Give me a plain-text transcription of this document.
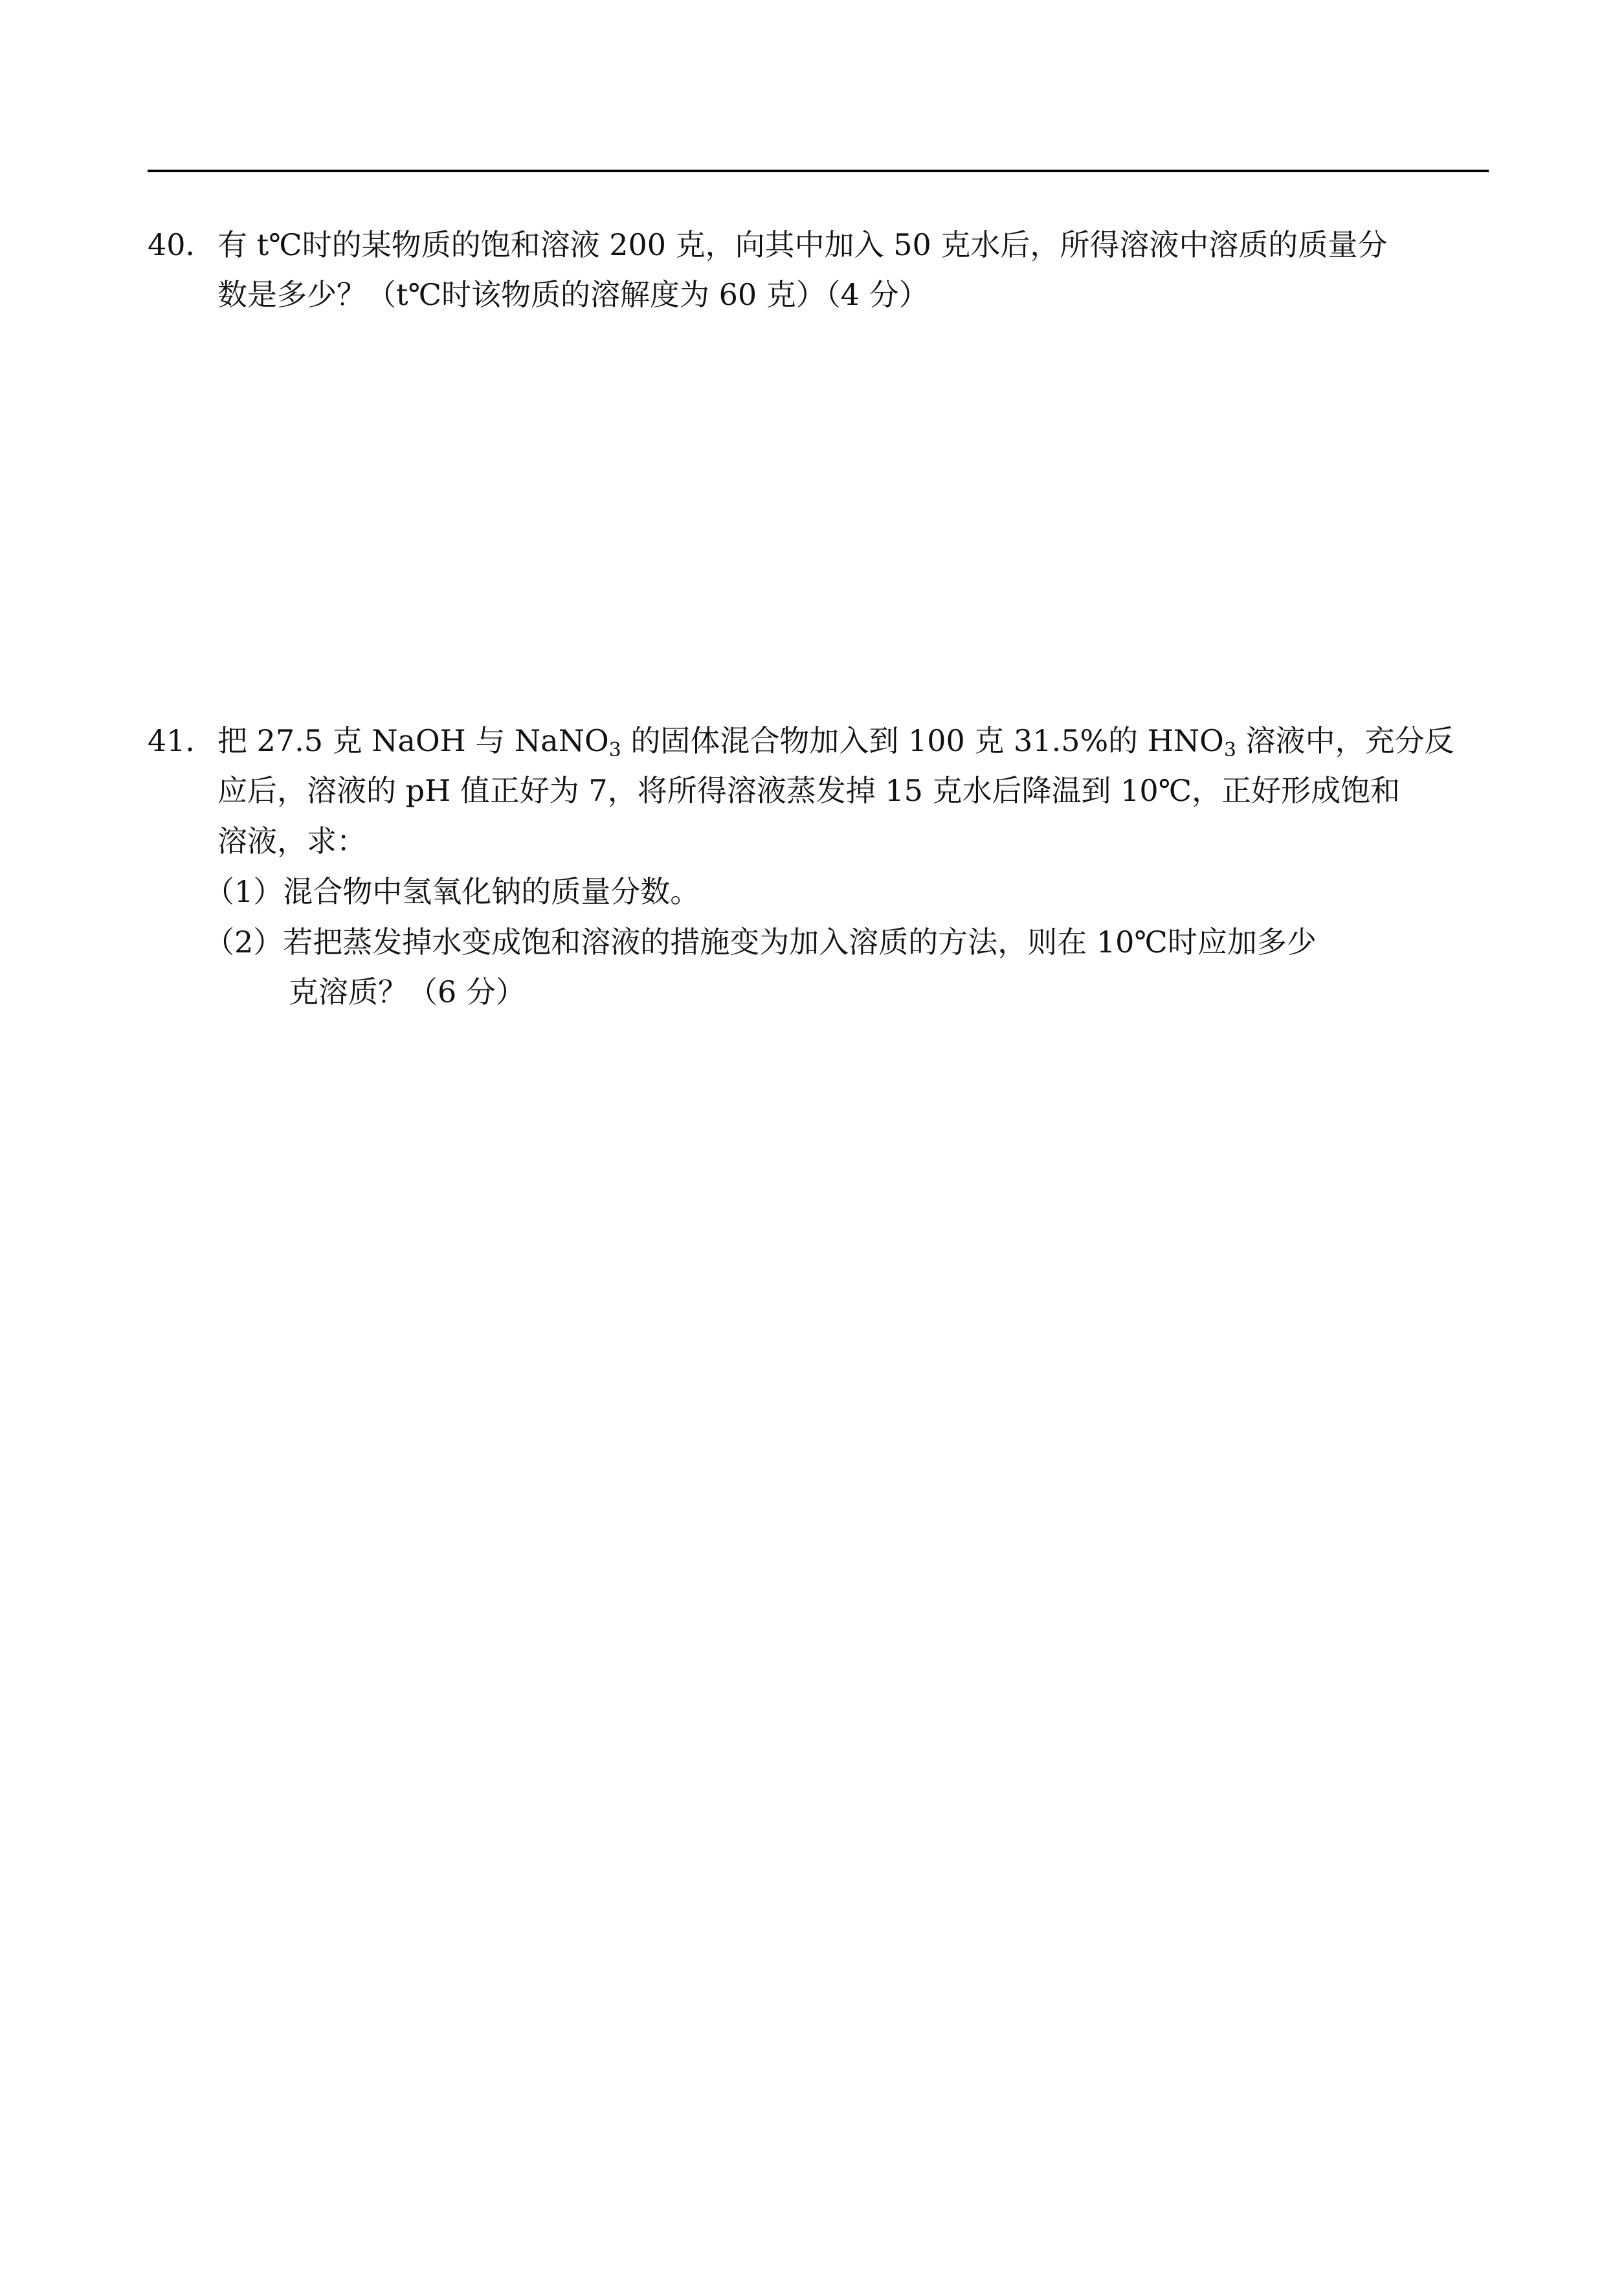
40． 有 t℃时的某物质的饱和溶液 200 克，向其中加入 50 克水后，所得溶液中溶质的质量分
数是多少？（t℃时该物质的溶解度为 60 克）（4 分）
41． 把 27.5 克 NaOH 与 NaNO$_3$ 的固体混合物加入到 100 克 31.5%的 $HNO_3$ 溶液中，充分反
应后，溶液的 pH 值正好为 7，将所得溶液蒸发掉 15 克水后降温到 10℃，正好形成饱和
溶液，求：
（1）混合物中氢氧化钠的质量分数。
（2）若把蒸发掉水变成饱和溶液的措施变为加入溶质的方法，则在 10℃时应加多少
克溶质？（6 分）
